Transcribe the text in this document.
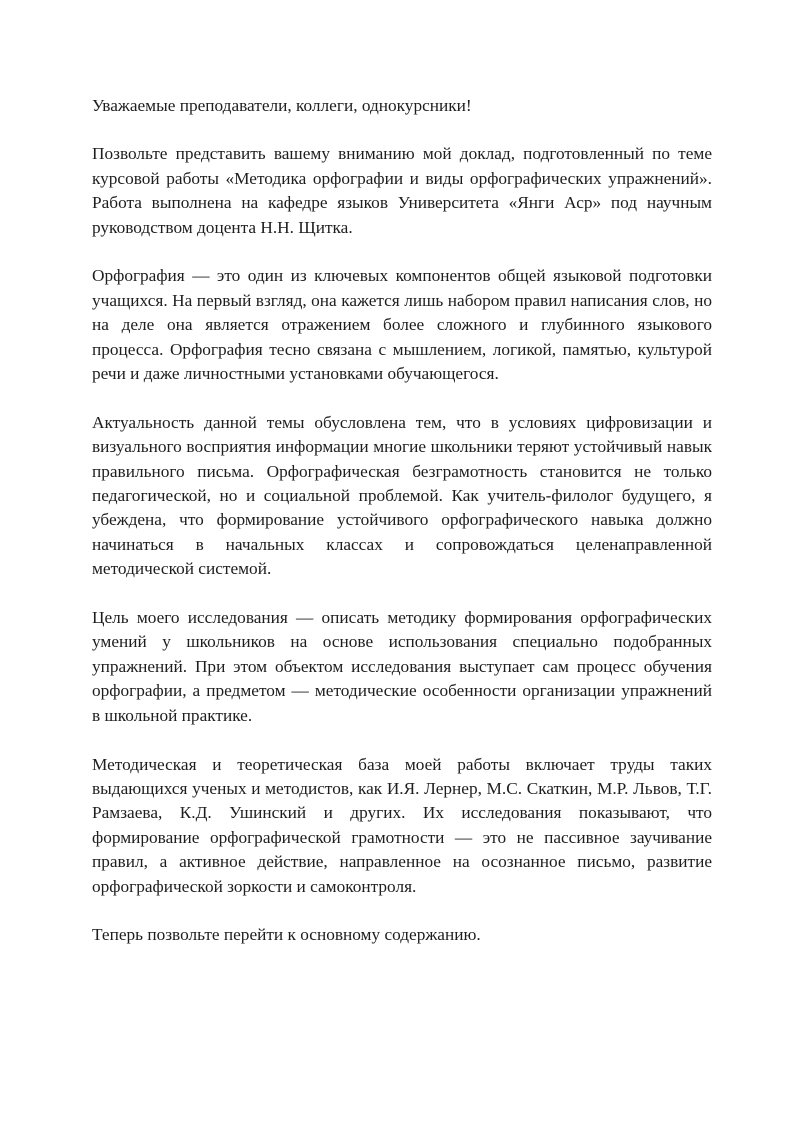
Уважаемые преподаватели, коллеги, однокурсники!

Позвольте представить вашему вниманию мой доклад, подготовленный по теме курсовой работы «Методика орфографии и виды орфографических упражнений». Работа выполнена на кафедре языков Университета «Янги Аср» под научным руководством доцента Н.Н. Щитка.

Орфография — это один из ключевых компонентов общей языковой подготовки учащихся. На первый взгляд, она кажется лишь набором правил написания слов, но на деле она является отражением более сложного и глубинного языкового процесса. Орфография тесно связана с мышлением, логикой, памятью, культурой речи и даже личностными установками обучающегося.

Актуальность данной темы обусловлена тем, что в условиях цифровизации и визуального восприятия информации многие школьники теряют устойчивый навык правильного письма. Орфографическая безграмотность становится не только педагогической, но и социальной проблемой. Как учитель-филолог будущего, я убеждена, что формирование устойчивого орфографического навыка должно начинаться в начальных классах и сопровождаться целенаправленной методической системой.

Цель моего исследования — описать методику формирования орфографических умений у школьников на основе использования специально подобранных упражнений. При этом объектом исследования выступает сам процесс обучения орфографии, а предметом — методические особенности организации упражнений в школьной практике.

Методическая и теоретическая база моей работы включает труды таких выдающихся ученых и методистов, как И.Я. Лернер, М.С. Скаткин, М.Р. Львов, Т.Г. Рамзаева, К.Д. Ушинский и других. Их исследования показывают, что формирование орфографической грамотности — это не пассивное заучивание правил, а активное действие, направленное на осознанное письмо, развитие орфографической зоркости и самоконтроля.

Теперь позвольте перейти к основному содержанию.
